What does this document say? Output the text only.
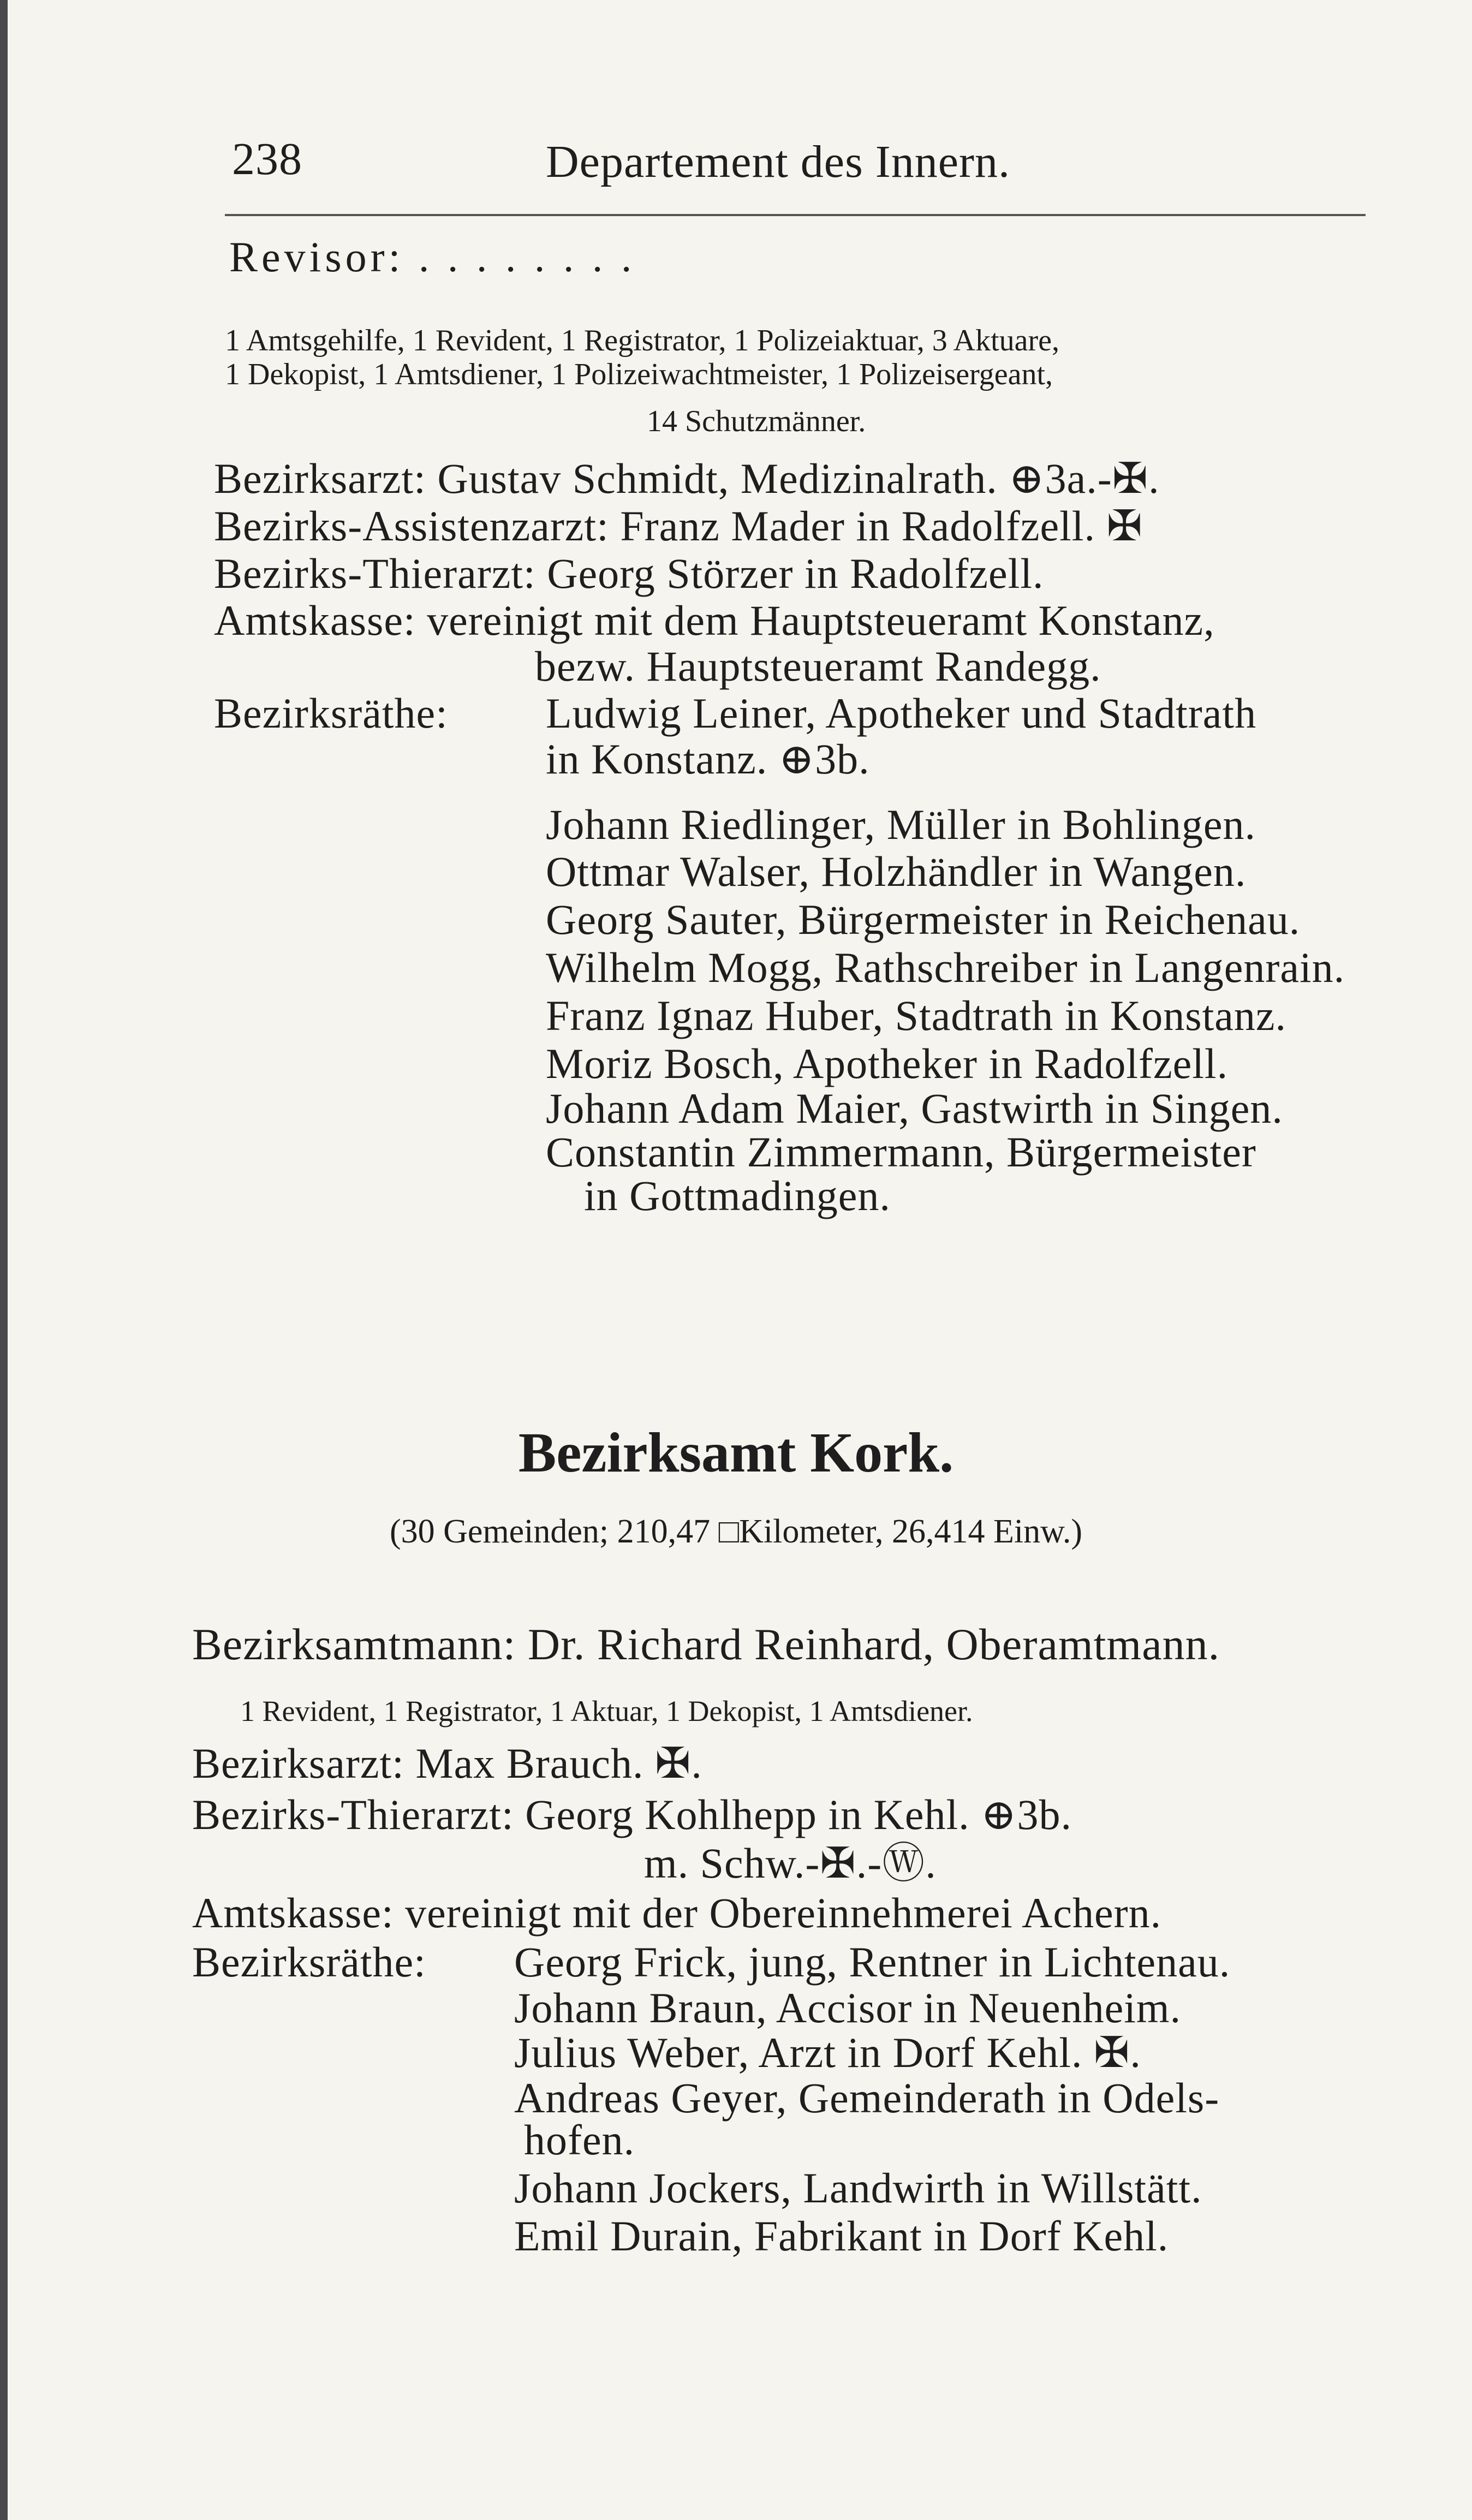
238	Departement des Innern.
Revisor: . . . . . . . .
1 Amtsgehilfe, 1 Revident, 1 Registrator, 1 Polizeiaktuar, 3 Aktuare,
1 Dekopist, 1 Amtsdiener, 1 Polizeiwachtmeister, 1 Polizeisergeant,
14 Schutzmänner.
Bezirksarzt: Gustav Schmidt, Medizinalrath. ⊕3a.-✠.
Bezirks-Assistenzarzt: Franz Mader in Radolfzell. ✠
Bezirks-Thierarzt: Georg Störzer in Radolfzell.
Amtskasse: vereinigt mit dem Hauptsteueramt Konstanz,
bezw. Hauptsteueramt Randegg.
Bezirksräthe: Ludwig Leiner, Apotheker und Stadtrath
in Konstanz. ⊕3b.
Johann Riedlinger, Müller in Bohlingen.
Ottmar Walser, Holzhändler in Wangen.
Georg Sauter, Bürgermeister in Reichenau.
Wilhelm Mogg, Rathschreiber in Langenrain.
Franz Ignaz Huber, Stadtrath in Konstanz.
Moriz Bosch, Apotheker in Radolfzell.
Johann Adam Maier, Gastwirth in Singen.
Constantin Zimmermann, Bürgermeister
in Gottmadingen.
Bezirksamt Kork.
(30 Gemeinden; 210,47 □Kilometer, 26,414 Einw.)
Bezirksamtmann: Dr. Richard Reinhard, Oberamtmann.
1 Revident, 1 Registrator, 1 Aktuar, 1 Dekopist, 1 Amtsdiener.
Bezirksarzt: Max Brauch. ✠.
Bezirks-Thierarzt: Georg Kohlhepp in Kehl. ⊕3b.
m. Schw.-✠.-Ⓦ.
Amtskasse: vereinigt mit der Obereinnehmerei Achern.
Bezirksräthe: Georg Frick, jung, Rentner in Lichtenau.
Johann Braun, Accisor in Neuenheim.
Julius Weber, Arzt in Dorf Kehl. ✠.
Andreas Geyer, Gemeinderath in Odels-
hofen.
Johann Jockers, Landwirth in Willstätt.
Emil Durain, Fabrikant in Dorf Kehl.
